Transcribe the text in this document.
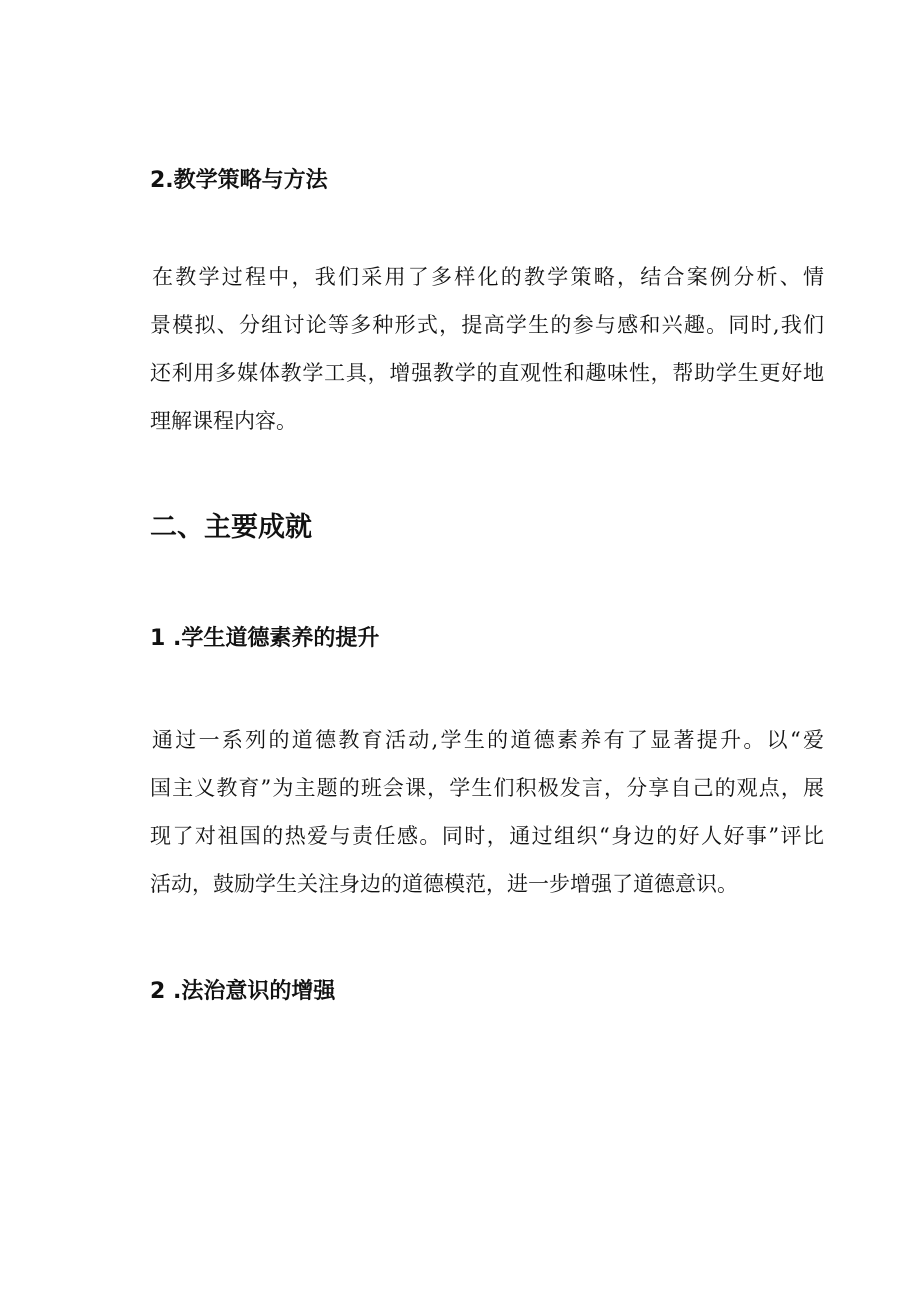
2.教学策略与方法
在教学过程中，我们采用了多样化的教学策略，结合案例分析、情
景模拟、分组讨论等多种形式，提高学生的参与感和兴趣。同时,我们
还利用多媒体教学工具，增强教学的直观性和趣味性，帮助学生更好地
理解课程内容。
二、主要成就
1 .学生道德素养的提升
通过一系列的道德教育活动,学生的道德素养有了显著提升。以“爱
国主义教育”为主题的班会课，学生们积极发言，分享自己的观点，展
现了对祖国的热爱与责任感。同时，通过组织“身边的好人好事”评比
活动，鼓励学生关注身边的道德模范，进一步增强了道德意识。
2 .法治意识的增强
